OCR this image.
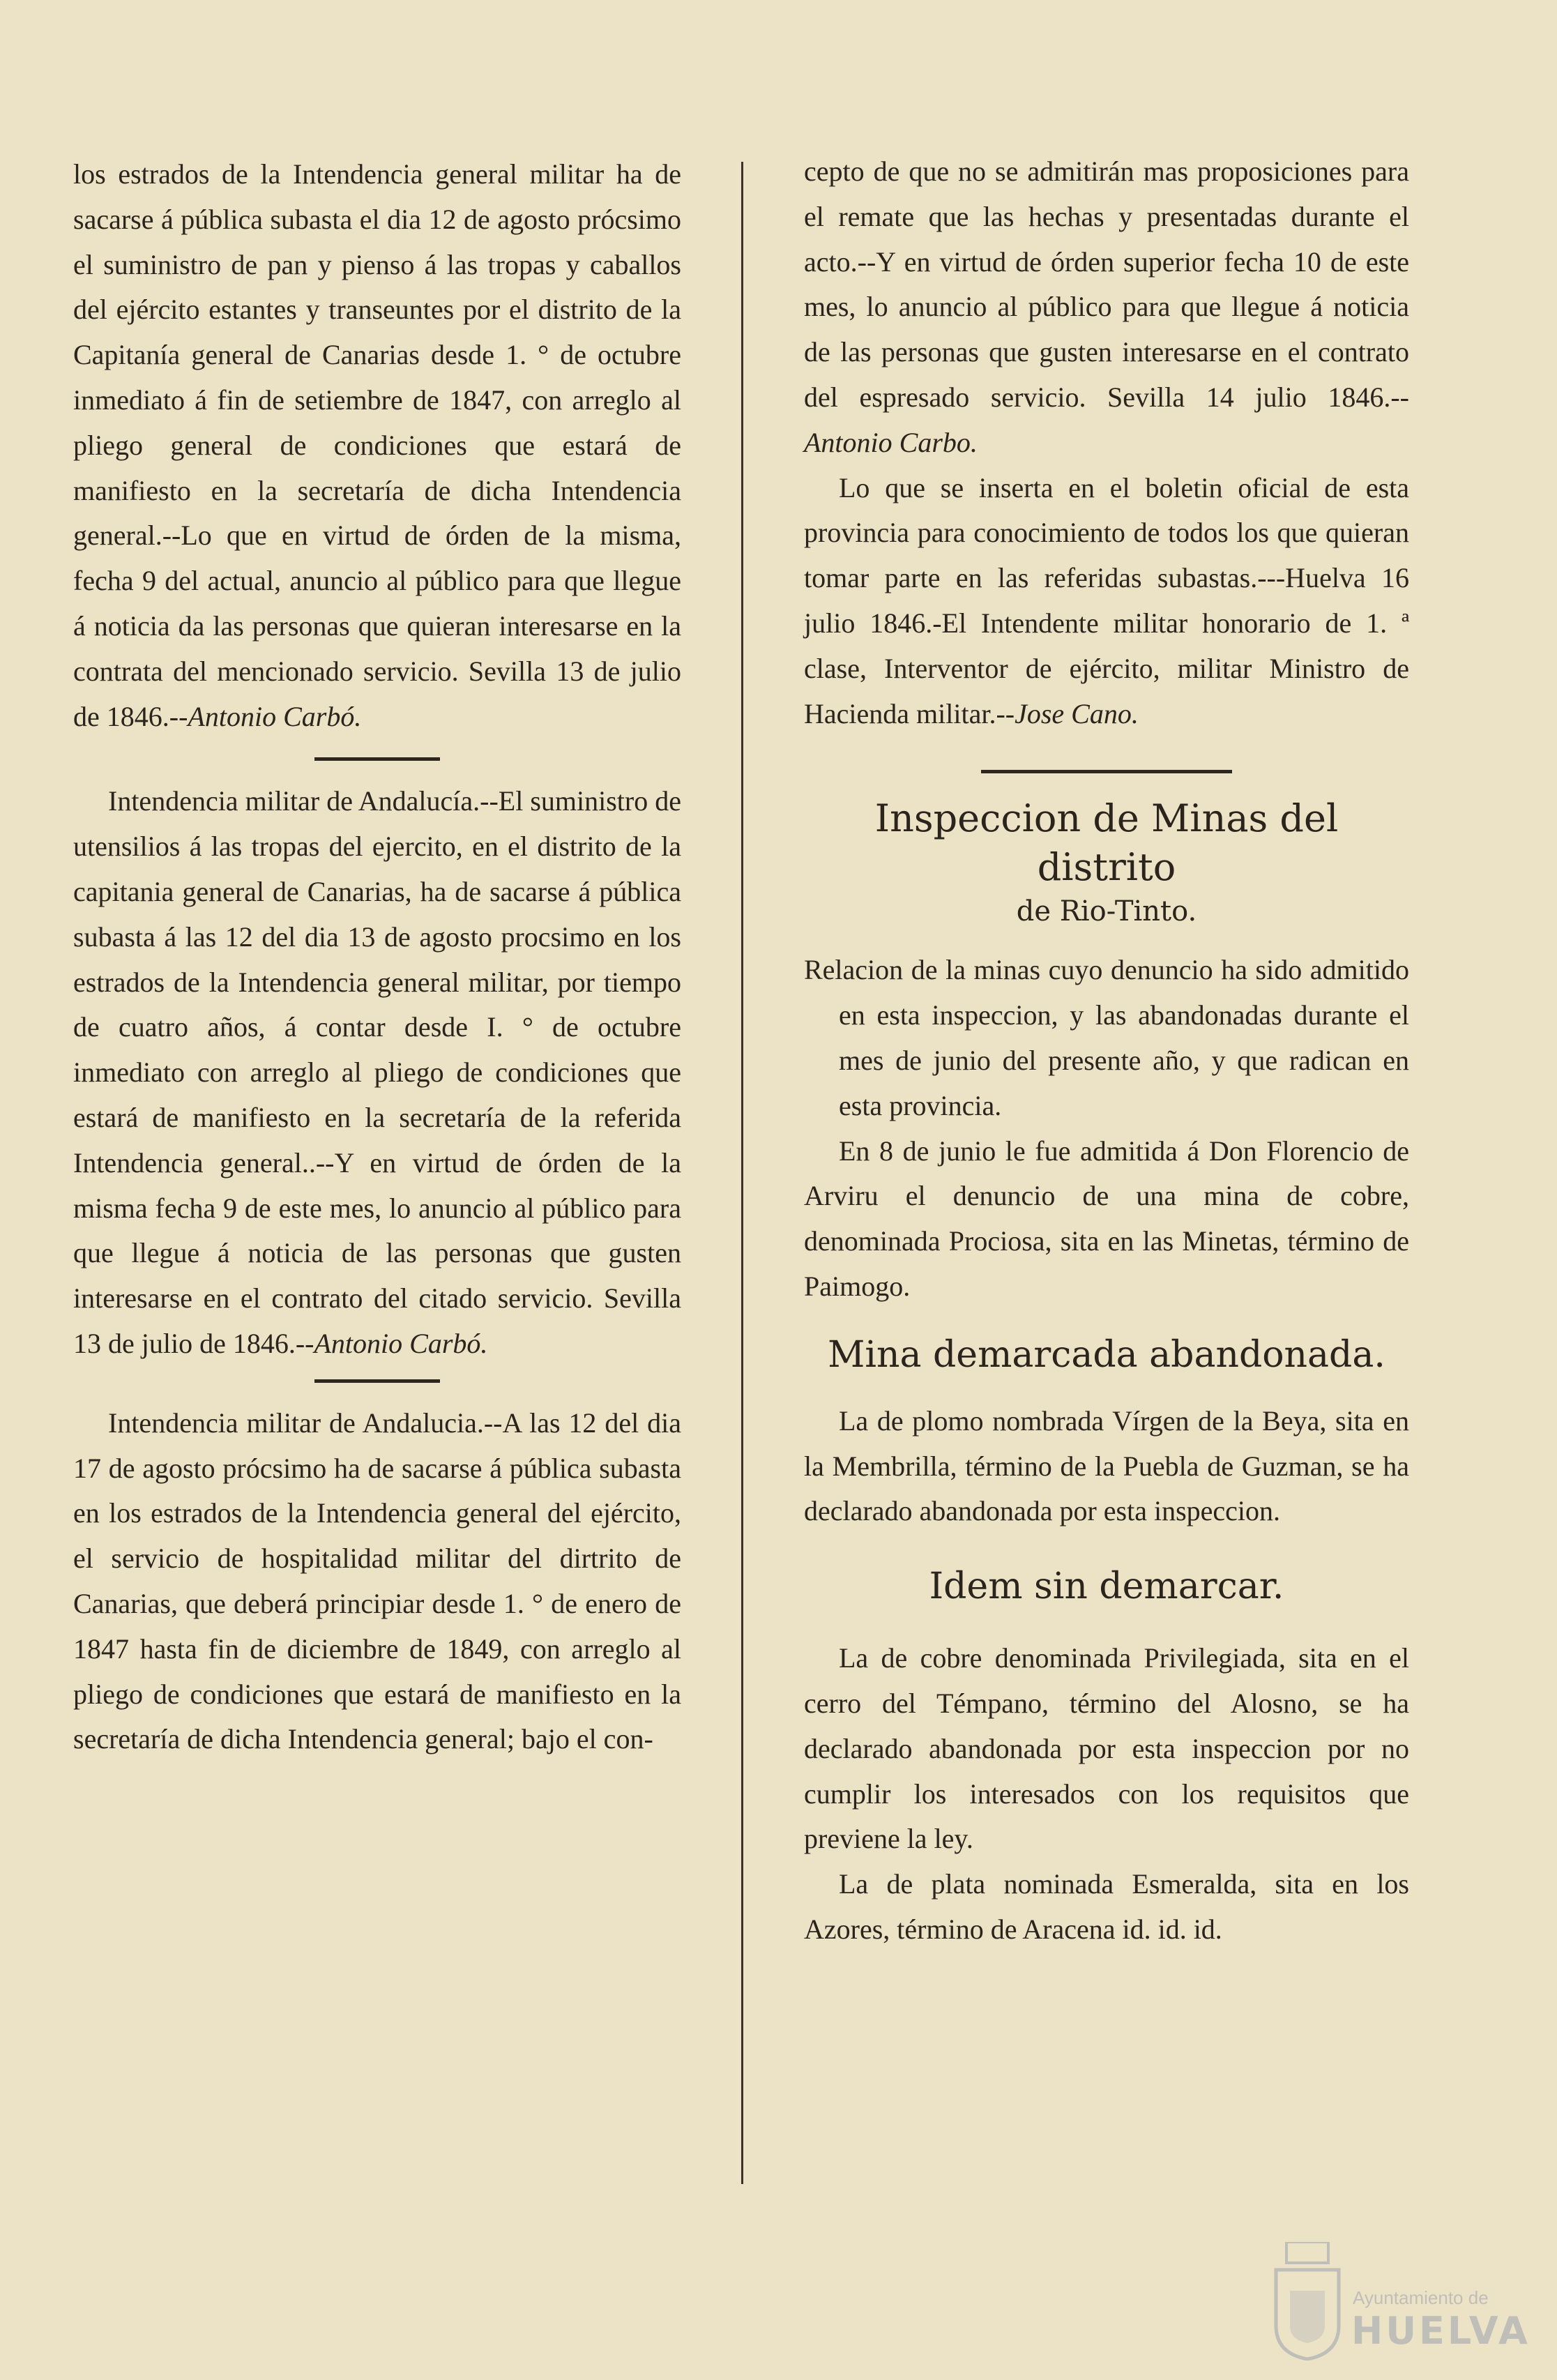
los estrados de la Intendencia general militar ha de sacarse á pública subasta el dia 12 de agosto prócsimo el suministro de pan y pienso á las tropas y caballos del ejército estantes y transeuntes por el distrito de la Capitanía general de Canarias desde 1. ° de octubre inmediato á fin de setiembre de 1847, con arreglo al pliego general de condiciones que estará de manifiesto en la secretaría de dicha Intendencia general.--Lo que en virtud de órden de la misma, fecha 9 del actual, anuncio al público para que llegue á noticia da las personas que quieran interesarse en la contrata del mencionado servicio. Sevilla 13 de julio de 1846.--Antonio Carbó.

Intendencia militar de Andalucía.--El suministro de utensilios á las tropas del ejercito, en el distrito de la capitania general de Canarias, ha de sacarse á pública subasta á las 12 del dia 13 de agosto procsimo en los estrados de la Intendencia general militar, por tiempo de cuatro años, á contar desde I. ° de octubre inmediato con arreglo al pliego de condiciones que estará de manifiesto en la secretaría de la referida Intendencia general..--Y en virtud de órden de la misma fecha 9 de este mes, lo anuncio al público para que llegue á noticia de las personas que gusten interesarse en el contrato del citado servicio. Sevilla 13 de julio de 1846.--Antonio Carbó.

Intendencia militar de Andalucia.--A las 12 del dia 17 de agosto prócsimo ha de sacarse á pública subasta en los estrados de la Intendencia general del ejército, el servicio de hospitalidad militar del dirtrito de Canarias, que deberá principiar desde 1. ° de enero de 1847 hasta fin de diciembre de 1849, con arreglo al pliego de condiciones que estará de manifiesto en la secretaría de dicha Intendencia general; bajo el con-

cepto de que no se admitirán mas proposiciones para el remate que las hechas y presentadas durante el acto.--Y en virtud de órden superior fecha 10 de este mes, lo anuncio al público para que llegue á noticia de las personas que gusten interesarse en el contrato del espresado servicio. Sevilla 14 julio 1846.--Antonio Carbo.

Lo que se inserta en el boletin oficial de esta provincia para conocimiento de todos los que quieran tomar parte en las referidas subastas.---Huelva 16 julio 1846.-El Intendente militar honorario de 1. ª clase, Interventor de ejército, militar Ministro de Hacienda militar.--Jose Cano.

Inspeccion de Minas del distrito

de Rio-Tinto.

Relacion de la minas cuyo denuncio ha sido admitido en esta inspeccion, y las abandonadas durante el mes de junio del presente año, y que radican en esta provincia.

En 8 de junio le fue admitida á Don Florencio de Arviru el denuncio de una mina de cobre, denominada Prociosa, sita en las Minetas, término de Paimogo.

Mina demarcada abandonada.

La de plomo nombrada Vírgen de la Beya, sita en la Membrilla, término de la Puebla de Guzman, se ha declarado abandonada por esta inspeccion.

Idem sin demarcar.

La de cobre denominada Privilegiada, sita en el cerro del Témpano, término del Alosno, se ha declarado abandonada por esta inspeccion por no cumplir los interesados con los requisitos que previene la ley.

La de plata nominada Esmeralda, sita en los Azores, término de Aracena id. id. id.

Ayuntamiento de
HUELVA
